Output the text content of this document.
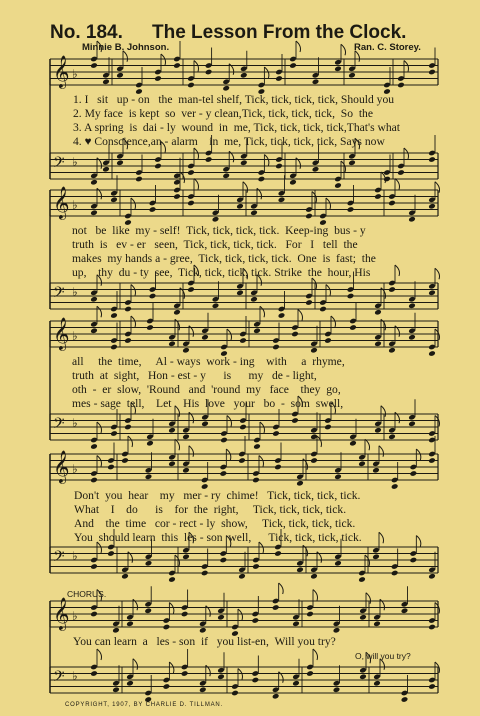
No. 184. The Lesson From the Clock.
Minnie B. Johnson.	Ran. C. Storey.
𝄞 ♭
𝄢 ♭
𝄞 ♭
𝄢 ♭
𝄞 ♭
𝄢 ♭
𝄞 ♭
𝄢 ♭
𝄞 ♭
𝄢 ♭
1. I   sit   up - on   the  man-tel shelf, Tick, tick, tick, tick, Should you
2. My face  is kept  so  ver - y clean,Tick, tick, tick, tick,  So  the
3. A spring  is  dai - ly  wound  in  me, Tick, tick, tick, tick,That's what
4. ♥ Conscience,an - alarm    in  me, Tick, tick, tick, tick, Says now
not   be  like  my - self!  Tick, tick, tick, tick.  Keep-ing  bus - y
truth  is   ev - er   seen,  Tick, tick, tick, tick.   For   I   tell  the
makes  my hands a - gree,  Tick, tick, tick, tick.  One  is  fast;  the
up,    thy  du - ty  see,  Tick, tick, tick, tick. Strike  the  hour, His
all     the  time,     Al - ways  work - ing    with     a  rhyme,
truth  at  sight,   Hon - est - y      is      my   de - light,
oth  -  er  slow,  'Round   and  'round  my   face    they  go,
mes - sage  tell,    Let    His  love   your   bo  -  som  swell,
Don't  you  hear    my   mer - ry  chime!   Tick, tick, tick, tick.
What    I    do      is    for  the  right,     Tick, tick, tick, tick.
And    the  time   cor - rect - ly  show,     Tick, tick, tick, tick.
You  should learn  this  les - son  well,      Tick, tick, tick, tick.
CHORUS.
You can learn  a   les - son  if   you list-en,  Will you try?
O, will you try?
COPYRIGHT, 1907, BY CHARLIE D. TILLMAN.
